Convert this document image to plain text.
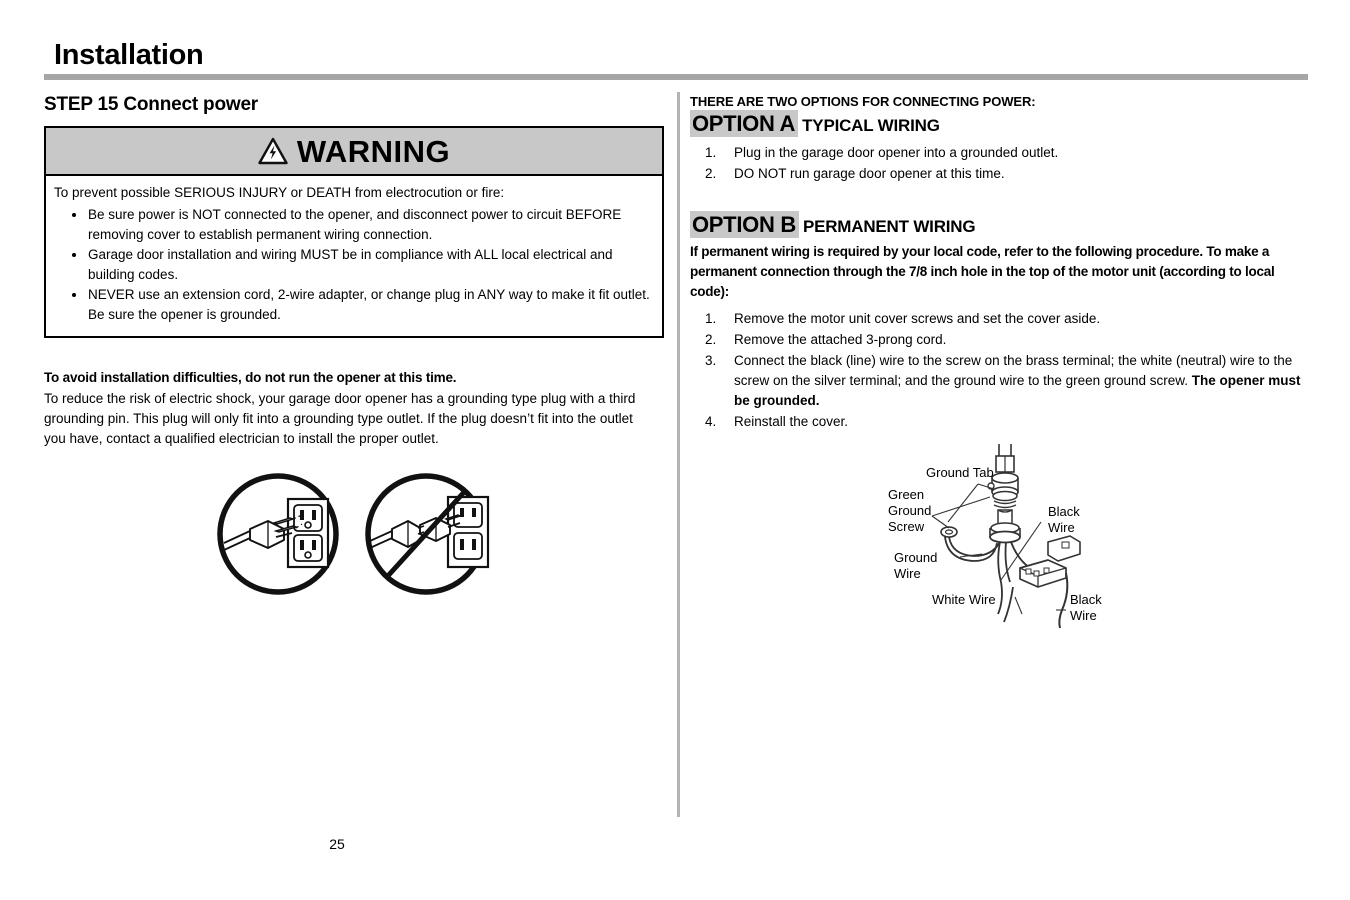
Installation
STEP 15 Connect power
WARNING

To prevent possible SERIOUS INJURY or DEATH from electrocution or fire:

Be sure power is NOT connected to the opener, and disconnect power to circuit BEFORE removing cover to establish permanent wiring connection.
Garage door installation and wiring MUST be in compliance with ALL local electrical and building codes.
NEVER use an extension cord, 2-wire adapter, or change plug in ANY way to make it fit outlet. Be sure the opener is grounded.

To avoid installation difficulties, do not run the opener at this time.

To reduce the risk of electric shock, your garage door opener has a grounding type plug with a third grounding pin. This plug will only fit into a grounding type outlet. If the plug doesn’t fit into the outlet you have, contact a qualified electrician to install the proper outlet.

THERE ARE TWO OPTIONS FOR CONNECTING POWER:

OPTION A TYPICAL WIRING
1. Plug in the garage door opener into a grounded outlet.
2. DO NOT run garage door opener at this time.
OPTION B PERMANENT WIRING

If permanent wiring is required by your local code, refer to the following procedure. To make a permanent connection through the 7/8 inch hole in the top of the motor unit (according to local code):

1. Remove the motor unit cover screws and set the cover aside.
2. Remove the attached 3-prong cord.
3. Connect the black (line) wire to the screw on the brass terminal; the white (neutral) wire to the screw on the silver terminal; and the ground wire to the green ground screw. The opener must be grounded.
4. Reinstall the cover.
Ground Tab
Green
Ground
Screw
Ground
Wire
Black
Wire
White Wire	Black
Wire
25
